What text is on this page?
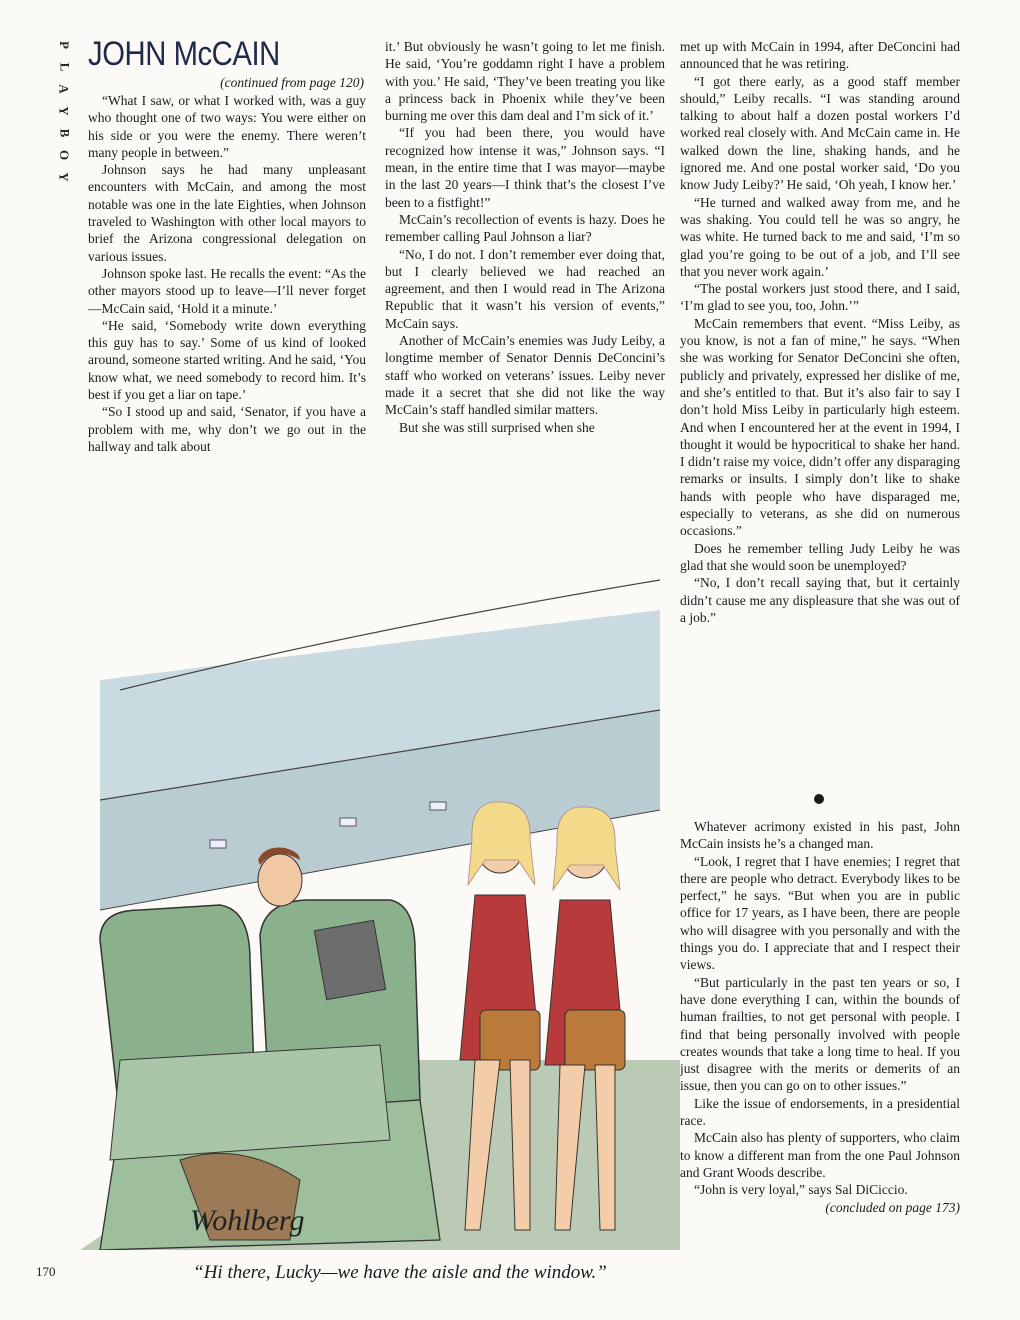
P
L
A
Y
B
O
Y
JOHN McCAIN
(continued from page 120)

“What I saw, or what I worked with, was a guy who thought one of two ways: You were either on his side or you were the enemy. There weren’t many people in between.”

Johnson says he had many unpleasant encounters with McCain, and among the most notable was one in the late Eighties, when Johnson traveled to Washington with other local mayors to brief the Arizona congressional delegation on various issues.

Johnson spoke last. He recalls the event: “As the other mayors stood up to leave—I’ll never forget—McCain said, ‘Hold it a minute.’

“He said, ‘Somebody write down everything this guy has to say.’ Some of us kind of looked around, someone started writing. And he said, ‘You know what, we need somebody to record him. It’s best if you get a liar on tape.’

“So I stood up and said, ‘Senator, if you have a problem with me, why don’t we go out in the hallway and talk about

it.’ But obviously he wasn’t going to let me finish. He said, ‘You’re goddamn right I have a problem with you.’ He said, ‘They’ve been treating you like a princess back in Phoenix while they’ve been burning me over this dam deal and I’m sick of it.’

“If you had been there, you would have recognized how intense it was,” Johnson says. “I mean, in the entire time that I was mayor—maybe in the last 20 years—I think that’s the closest I’ve been to a fistfight!”

McCain’s recollection of events is hazy. Does he remember calling Paul Johnson a liar?

“No, I do not. I don’t remember ever doing that, but I clearly believed we had reached an agreement, and then I would read in The Arizona Republic that it wasn’t his version of events,” McCain says.

Another of McCain’s enemies was Judy Leiby, a longtime member of Senator Dennis DeConcini’s staff who worked on veterans’ issues. Leiby never made it a secret that she did not like the way McCain’s staff handled similar matters.

But she was still surprised when she

met up with McCain in 1994, after DeConcini had announced that he was retiring.

“I got there early, as a good staff member should,” Leiby recalls. “I was standing around talking to about half a dozen postal workers I’d worked real closely with. And McCain came in. He walked down the line, shaking hands, and he ignored me. And one postal worker said, ‘Do you know Judy Leiby?’ He said, ‘Oh yeah, I know her.’

“He turned and walked away from me, and he was shaking. You could tell he was so angry, he was white. He turned back to me and said, ‘I’m so glad you’re going to be out of a job, and I’ll see that you never work again.’

“The postal workers just stood there, and I said, ‘I’m glad to see you, too, John.’”

McCain remembers that event. “Miss Leiby, as you know, is not a fan of mine,” he says. “When she was working for Senator DeConcini she often, publicly and privately, expressed her dislike of me, and she’s entitled to that. But it’s also fair to say I don’t hold Miss Leiby in particularly high esteem. And when I encountered her at the event in 1994, I thought it would be hypocritical to shake her hand. I didn’t raise my voice, didn’t offer any disparaging remarks or insults. I simply don’t like to shake hands with people who have disparaged me, especially to veterans, as she did on numerous occasions.”

Does he remember telling Judy Leiby he was glad that she would soon be unemployed?

“No, I don’t recall saying that, but it certainly didn’t cause me any displeasure that she was out of a job.”

Whatever acrimony existed in his past, John McCain insists he’s a changed man.

“Look, I regret that I have enemies; I regret that there are people who detract. Everybody likes to be perfect,” he says. “But when you are in public office for 17 years, as I have been, there are people who will disagree with you personally and with the things you do. I appreciate that and I respect their views.

“But particularly in the past ten years or so, I have done everything I can, within the bounds of human frailties, to not get personal with people. I find that being personally involved with people creates wounds that take a long time to heal. If you just disagree with the merits or demerits of an issue, then you can go on to other issues.”

Like the issue of endorsements, in a presidential race.

McCain also has plenty of supporters, who claim to know a different man from the one Paul Johnson and Grant Woods describe.

“John is very loyal,” says Sal DiCiccio.

(concluded on page 173)

Wohlberg
170	“Hi there, Lucky—we have the aisle and the window.”
